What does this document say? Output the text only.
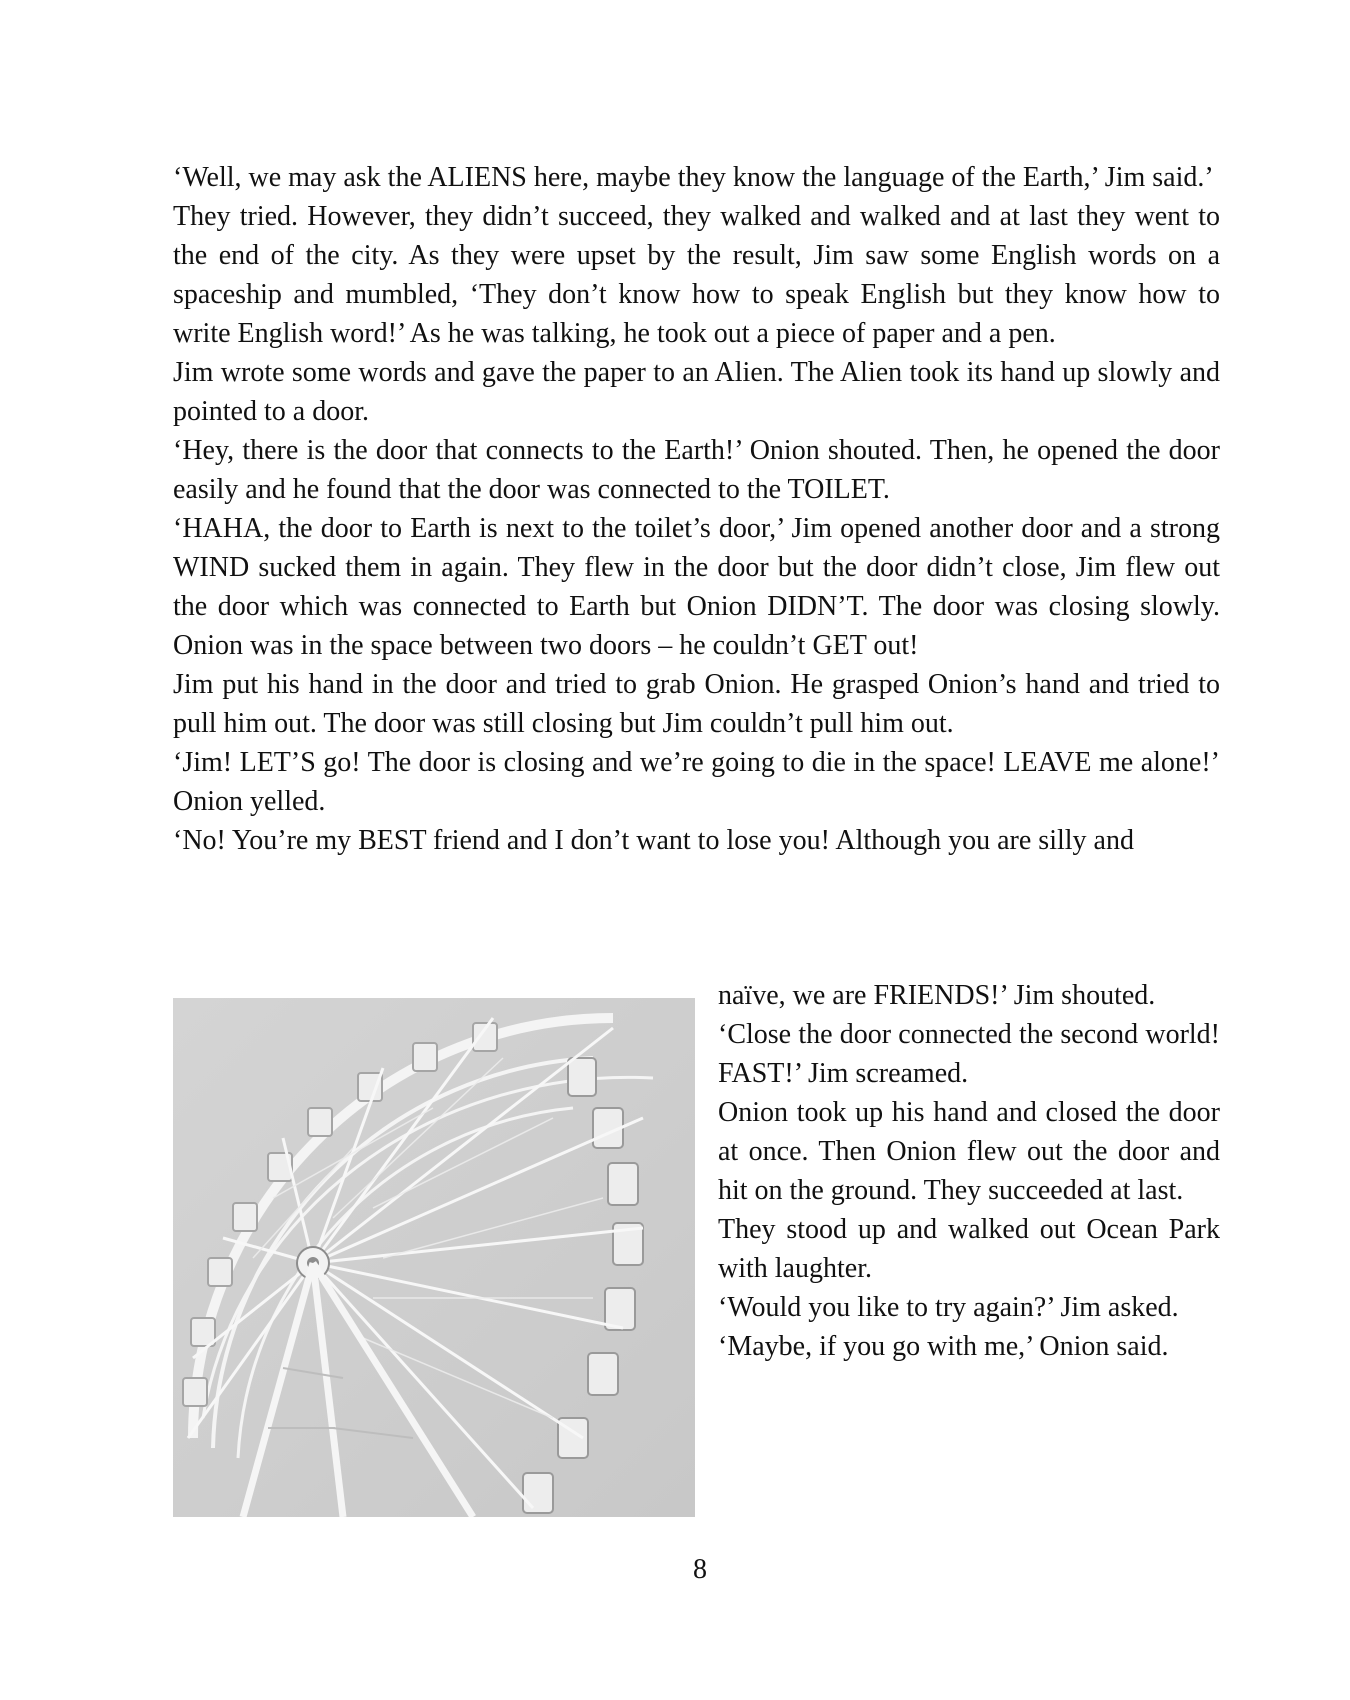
‘Well, we may ask the ALIENS here, maybe they know the language of the Earth,’ Jim said.’

They tried. However, they didn’t succeed, they walked and walked and at last they went to the end of the city. As they were upset by the result, Jim saw some English words on a spaceship and mumbled, ‘They don’t know how to speak English but they know how to write English word!’ As he was talking, he took out a piece of paper and a pen.

Jim wrote some words and gave the paper to an Alien. The Alien took its hand up slowly and pointed to a door.

‘Hey, there is the door that connects to the Earth!’ Onion shouted. Then, he opened the door easily and he found that the door was connected to the TOILET.

‘HAHA, the door to Earth is next to the toilet’s door,’ Jim opened another door and a strong WIND sucked them in again. They flew in the door but the door didn’t close, Jim flew out the door which was connected to Earth but Onion DIDN’T. The door was closing slowly. Onion was in the space between two doors – he couldn’t GET out!

Jim put his hand in the door and tried to grab Onion. He grasped Onion’s hand and tried to pull him out. The door was still closing but Jim couldn’t pull him out.

‘Jim! LET’S go! The door is closing and we’re going to die in the space! LEAVE me alone!’ Onion yelled.

‘No! You’re my BEST friend and I don’t want to lose you! Although you are silly and

naïve, we are FRIENDS!’ Jim shouted.

‘Close the door connected the second world! FAST!’ Jim screamed.

Onion took up his hand and closed the door at once. Then Onion flew out the door and hit on the ground. They succeeded at last.

They stood up and walked out Ocean Park with laughter.

‘Would you like to try again?’ Jim asked.

‘Maybe, if you go with me,’ Onion said.

8
